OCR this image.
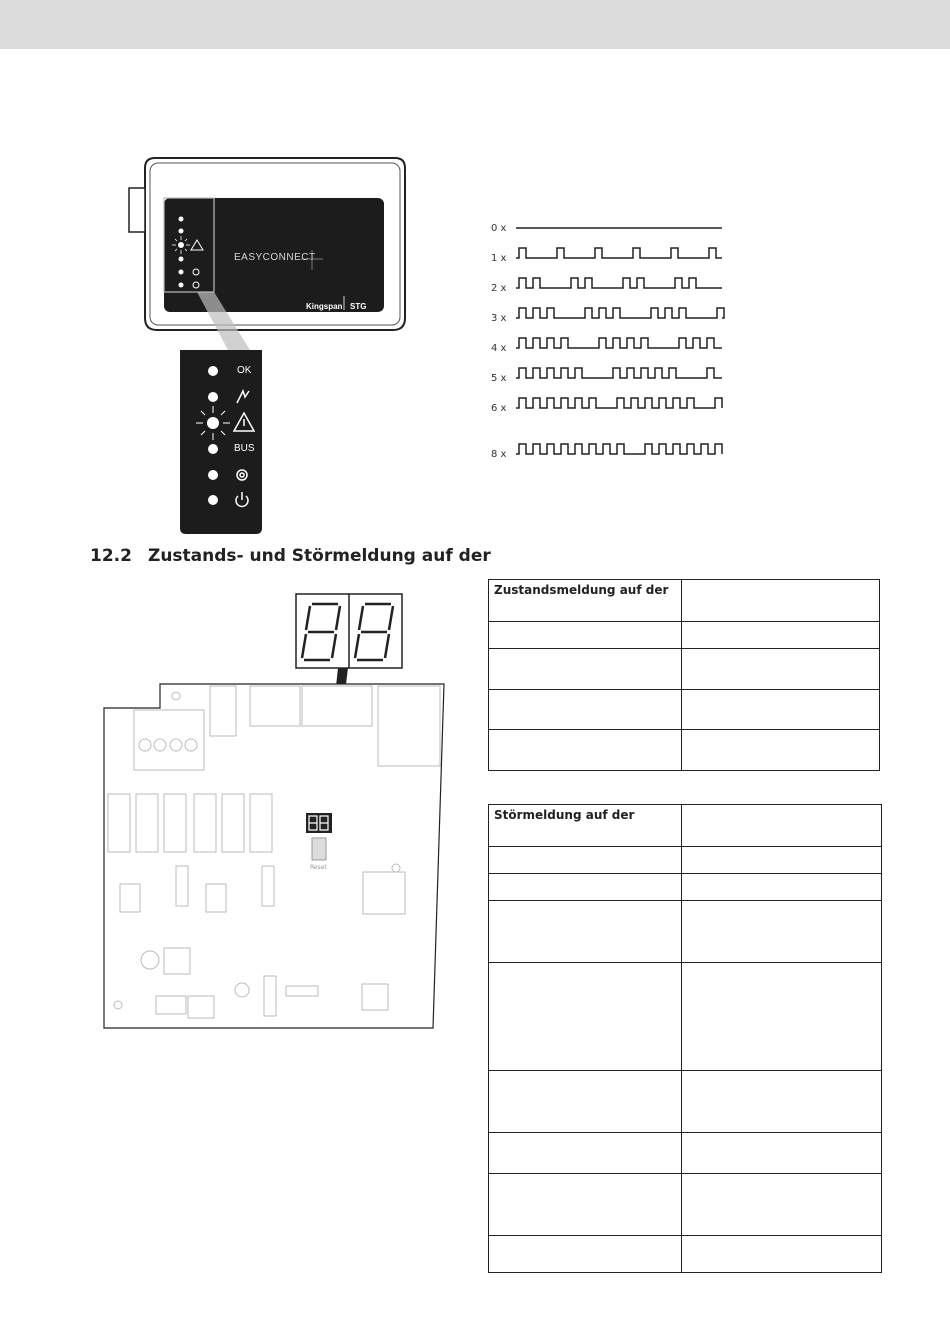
EASYCONNECT
Kingspan STG
OK
BUS
0 x
1 x
2 x
3 x
4 x
5 x
6 x
8 x
12.2 Zustands- und Störmeldung auf der
Reset
Zustandsmeldung auf der	

Störmeldung auf der	
